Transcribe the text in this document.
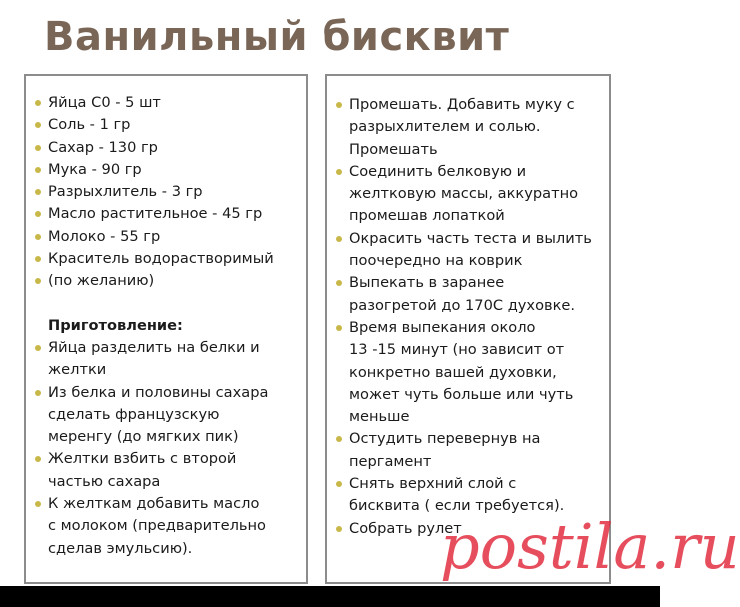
Ванильный бисквит
Яйца С0 - 5 шт
Соль - 1 гр
Сахар - 130 гр
Мука - 90 гр
Разрыхлитель - 3 гр
Масло растительное - 45 гр
Молоко - 55 гр
Краситель водорастворимый
(по желанию)
Приготовление:
Яйца разделить на белки и
желтки
Из белка и половины сахара
сделать французскую
меренгу (до мягких пик)
Желтки взбить с второй
частью сахара
К желткам добавить масло
с молоком (предварительно
сделав эмульсию).
Промешать. Добавить муку с
разрыхлителем и солью.
Промешать
Соединить белковую и
желтковую массы, аккуратно
промешав лопаткой
Окрасить часть теста и вылить
поочередно на коврик
Выпекать в заранее
разогретой до 170С духовке.
Время выпекания около
13 -15 минут (но зависит от
конкретно вашей духовки,
может чуть больше или чуть
меньше
Остудить перевернув на
пергамент
Снять верхний слой с
бисквита ( если требуется).
Собрать рулет
postila.ru
